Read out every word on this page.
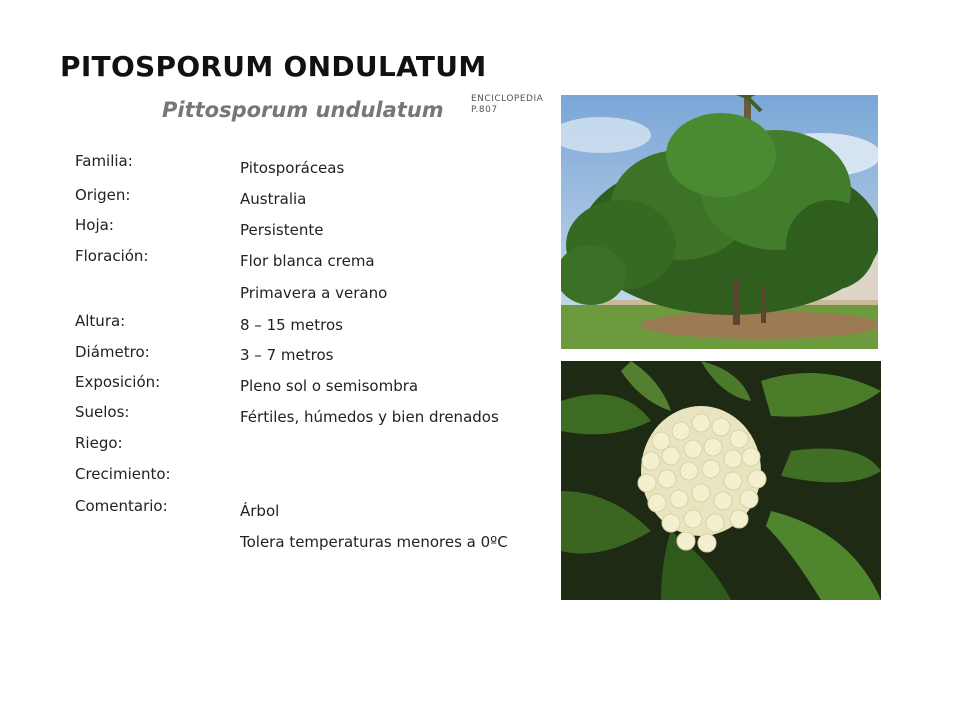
PITOSPORUM ONDULATUM
Pittosporum undulatum	ENCICLOPEDIA
P.807
Familia:
Origen:
Hoja:
Floración:
Altura:
Diámetro:
Exposición:
Suelos:
Riego:
Crecimiento:
Comentario:
Pitosporáceas
Australia
Persistente
Flor blanca crema
Primavera a verano
8 – 15 metros
3 – 7 metros
Pleno sol o semisombra
Fértiles, húmedos y bien drenados
Árbol
Tolera temperaturas menores a 0ºC
